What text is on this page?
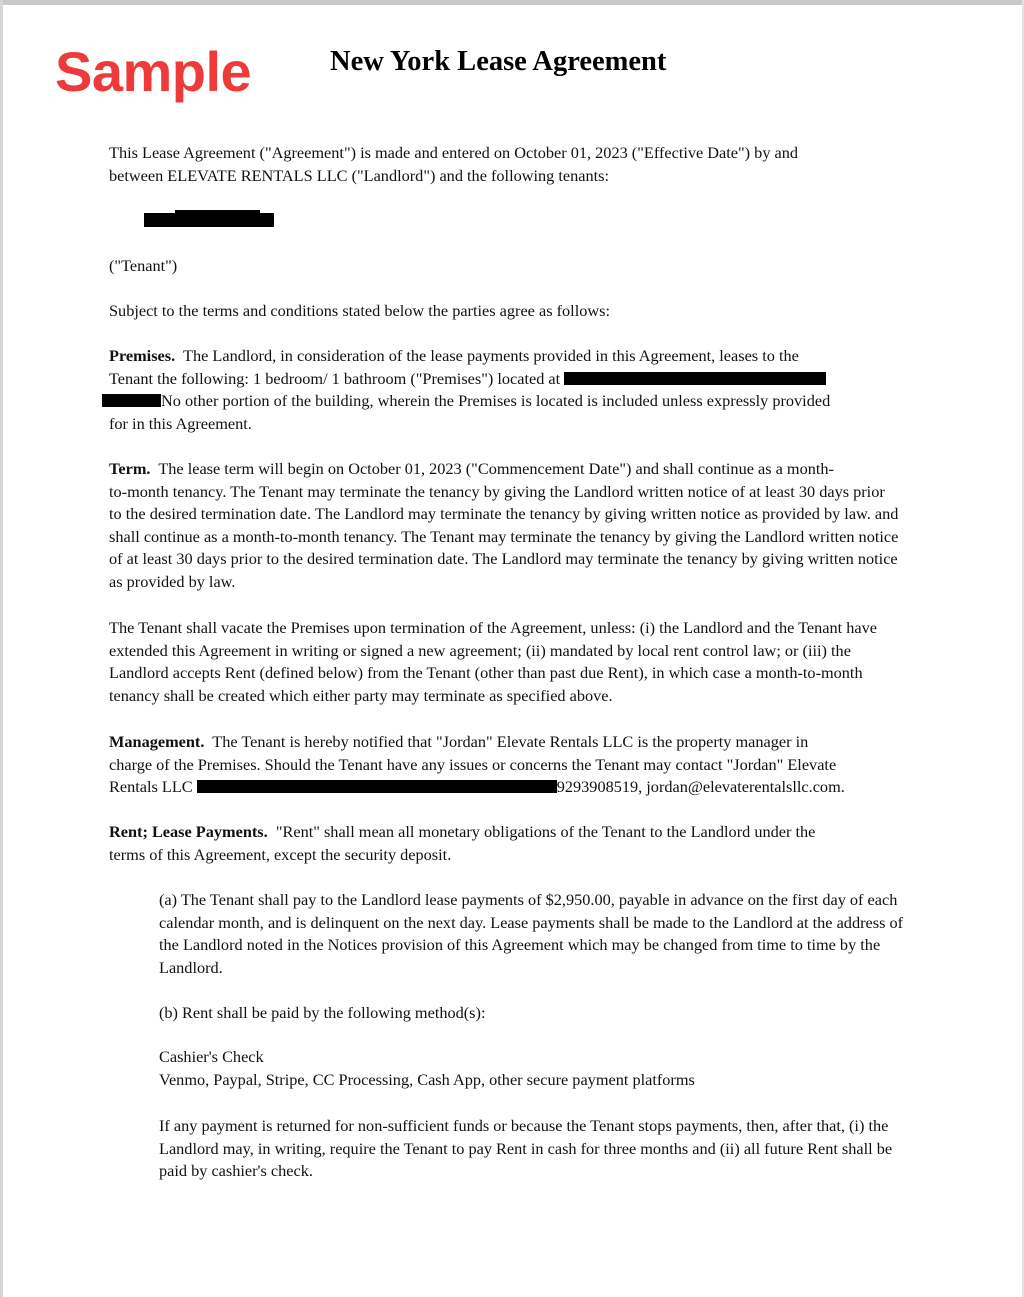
Sample	New York Lease Agreement

This Lease Agreement ("Agreement") is made and entered on October 01, 2023 ("Effective Date") by and
between ELEVATE RENTALS LLC ("Landlord") and the following tenants:

("Tenant")

Subject to the terms and conditions stated below the parties agree as follows:

Premises. The Landlord, in consideration of the lease payments provided in this Agreement, leases to the
Tenant the following: 1 bedroom/ 1 bathroom ("Premises") located at
No other portion of the building, wherein the Premises is located is included unless expressly provided
for in this Agreement.

Term. The lease term will begin on October 01, 2023 ("Commencement Date") and shall continue as a month-
to-month tenancy. The Tenant may terminate the tenancy by giving the Landlord written notice of at least 30 days prior to the desired termination date. The Landlord may terminate the tenancy by giving written notice as provided by law. and shall continue as a month-to-month tenancy. The Tenant may terminate the tenancy by giving the Landlord written notice of at least 30 days prior to the desired termination date. The Landlord may terminate the tenancy by giving written notice as provided by law.

The Tenant shall vacate the Premises upon termination of the Agreement, unless: (i) the Landlord and the Tenant have extended this Agreement in writing or signed a new agreement; (ii) mandated by local rent control law; or (iii) the Landlord accepts Rent (defined below) from the Tenant (other than past due Rent), in which case a month-to-month tenancy shall be created which either party may terminate as specified above.

Management. The Tenant is hereby notified that "Jordan" Elevate Rentals LLC is the property manager in
charge of the Premises. Should the Tenant have any issues or concerns the Tenant may contact "Jordan" Elevate
Rentals LLC	9293908519, jordan@elevaterentalsllc.com.

Rent; Lease Payments. "Rent" shall mean all monetary obligations of the Tenant to the Landlord under the
terms of this Agreement, except the security deposit.

(a) The Tenant shall pay to the Landlord lease payments of $2,950.00, payable in advance on the first day of each calendar month, and is delinquent on the next day. Lease payments shall be made to the Landlord at the address of the Landlord noted in the Notices provision of this Agreement which may be changed from time to time by the Landlord.

(b) Rent shall be paid by the following method(s):

Cashier's Check
Venmo, Paypal, Stripe, CC Processing, Cash App, other secure payment platforms

If any payment is returned for non-sufficient funds or because the Tenant stops payments, then, after that, (i) the Landlord may, in writing, require the Tenant to pay Rent in cash for three months and (ii) all future Rent shall be paid by cashier's check.
